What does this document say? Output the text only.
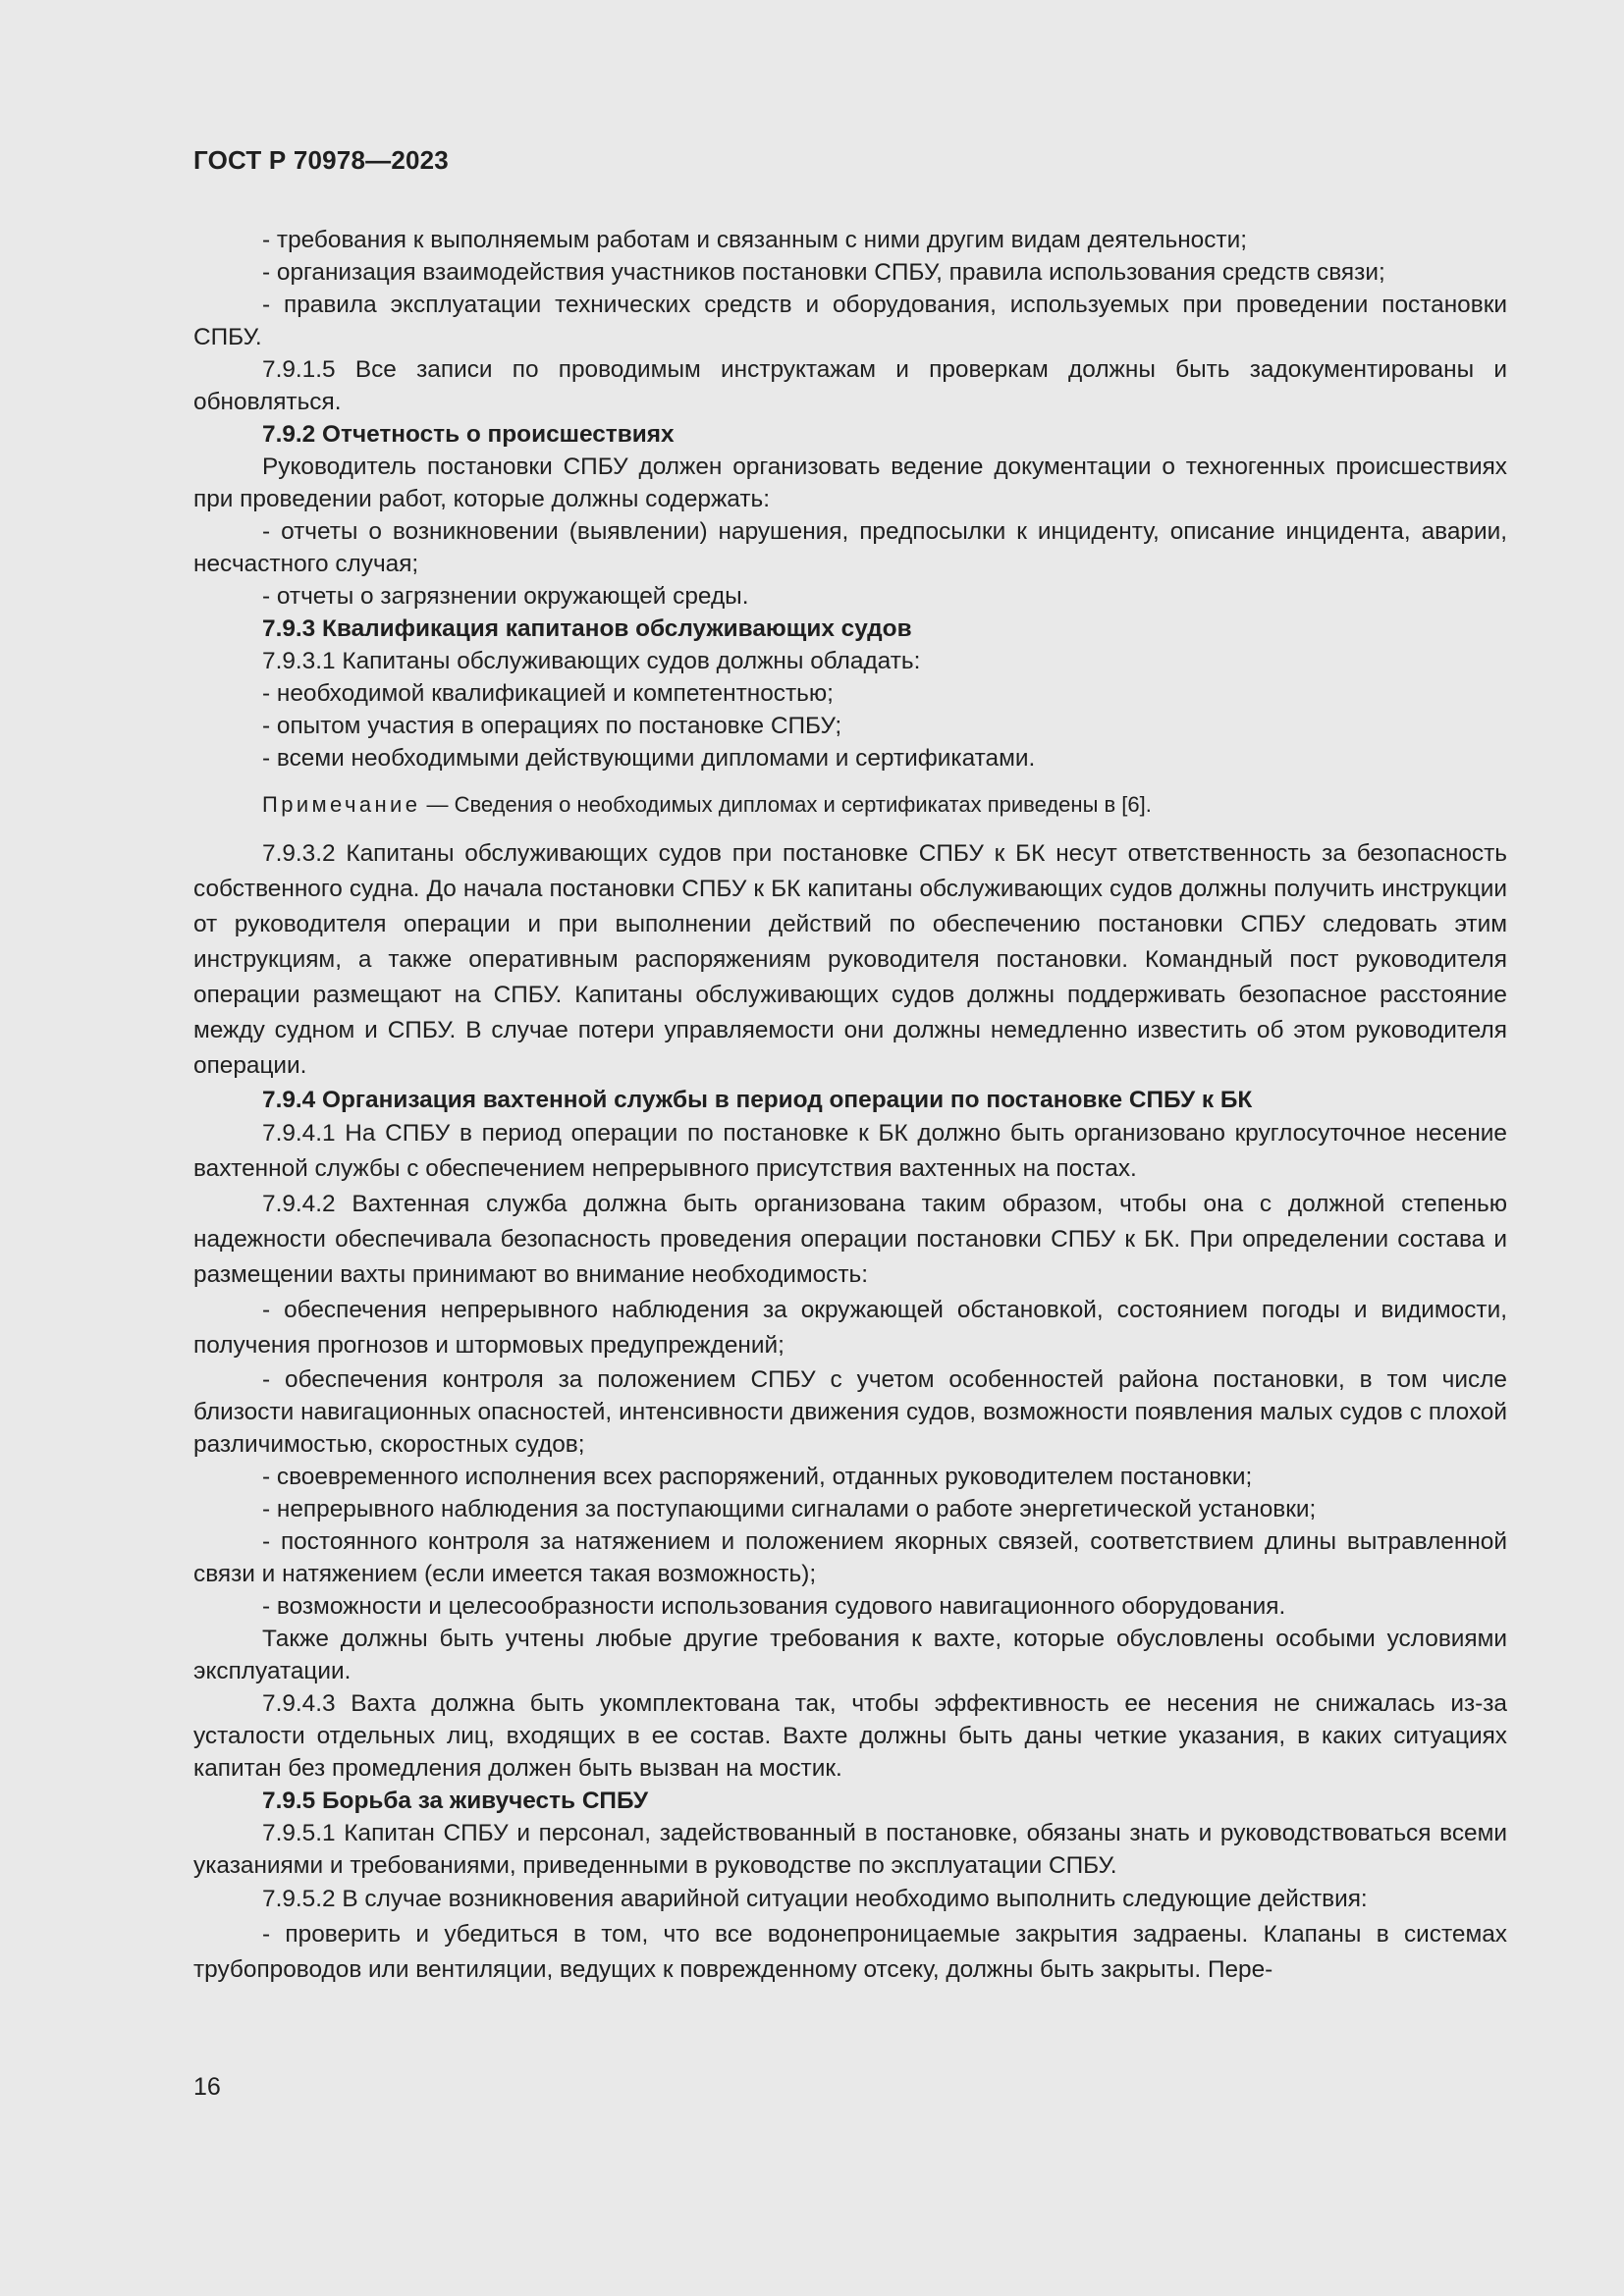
ГОСТ Р 70978—2023

- требования к выполняемым работам и связанным с ними другим видам деятельности;

- организация взаимодействия участников постановки СПБУ, правила использования средств связи;

- правила эксплуатации технических средств и оборудования, используемых при проведении постановки СПБУ.

7.9.1.5 Все записи по проводимым инструктажам и проверкам должны быть задокументированы и обновляться.

7.9.2 Отчетность о происшествиях

Руководитель постановки СПБУ должен организовать ведение документации о техногенных происшествиях при проведении работ, которые должны содержать:

- отчеты о возникновении (выявлении) нарушения, предпосылки к инциденту, описание инцидента, аварии, несчастного случая;

- отчеты о загрязнении окружающей среды.

7.9.3 Квалификация капитанов обслуживающих судов

7.9.3.1 Капитаны обслуживающих судов должны обладать:

- необходимой квалификацией и компетентностью;

- опытом участия в операциях по постановке СПБУ;

- всеми необходимыми действующими дипломами и сертификатами.

Примечание — Сведения о необходимых дипломах и сертификатах приведены в [6].

7.9.3.2 Капитаны обслуживающих судов при постановке СПБУ к БК несут ответственность за безопасность собственного судна. До начала постановки СПБУ к БК капитаны обслуживающих судов должны получить инструкции от руководителя операции и при выполнении действий по обеспечению постановки СПБУ следовать этим инструкциям, а также оперативным распоряжениям руководителя постановки. Командный пост руководителя операции размещают на СПБУ. Капитаны обслуживающих судов должны поддерживать безопасное расстояние между судном и СПБУ. В случае потери управляемости они должны немедленно известить об этом руководителя операции.

7.9.4 Организация вахтенной службы в период операции по постановке СПБУ к БК

7.9.4.1 На СПБУ в период операции по постановке к БК должно быть организовано круглосуточное несение вахтенной службы с обеспечением непрерывного присутствия вахтенных на постах.

7.9.4.2 Вахтенная служба должна быть организована таким образом, чтобы она с должной степенью надежности обеспечивала безопасность проведения операции постановки СПБУ к БК. При определении состава и размещении вахты принимают во внимание необходимость:

- обеспечения непрерывного наблюдения за окружающей обстановкой, состоянием погоды и видимости, получения прогнозов и штормовых предупреждений;

- обеспечения контроля за положением СПБУ с учетом особенностей района постановки, в том числе близости навигационных опасностей, интенсивности движения судов, возможности появления малых судов с плохой различимостью, скоростных судов;

- своевременного исполнения всех распоряжений, отданных руководителем постановки;

- непрерывного наблюдения за поступающими сигналами о работе энергетической установки;

- постоянного контроля за натяжением и положением якорных связей, соответствием длины вытравленной связи и натяжением (если имеется такая возможность);

- возможности и целесообразности использования судового навигационного оборудования.

Также должны быть учтены любые другие требования к вахте, которые обусловлены особыми условиями эксплуатации.

7.9.4.3 Вахта должна быть укомплектована так, чтобы эффективность ее несения не снижалась из-за усталости отдельных лиц, входящих в ее состав. Вахте должны быть даны четкие указания, в каких ситуациях капитан без промедления должен быть вызван на мостик.

7.9.5 Борьба за живучесть СПБУ

7.9.5.1 Капитан СПБУ и персонал, задействованный в постановке, обязаны знать и руководствоваться всеми указаниями и требованиями, приведенными в руководстве по эксплуатации СПБУ.

7.9.5.2 В случае возникновения аварийной ситуации необходимо выполнить следующие действия:

- проверить и убедиться в том, что все водонепроницаемые закрытия задраены. Клапаны в системах трубопроводов или вентиляции, ведущих к поврежденному отсеку, должны быть закрыты. Пере-

16
